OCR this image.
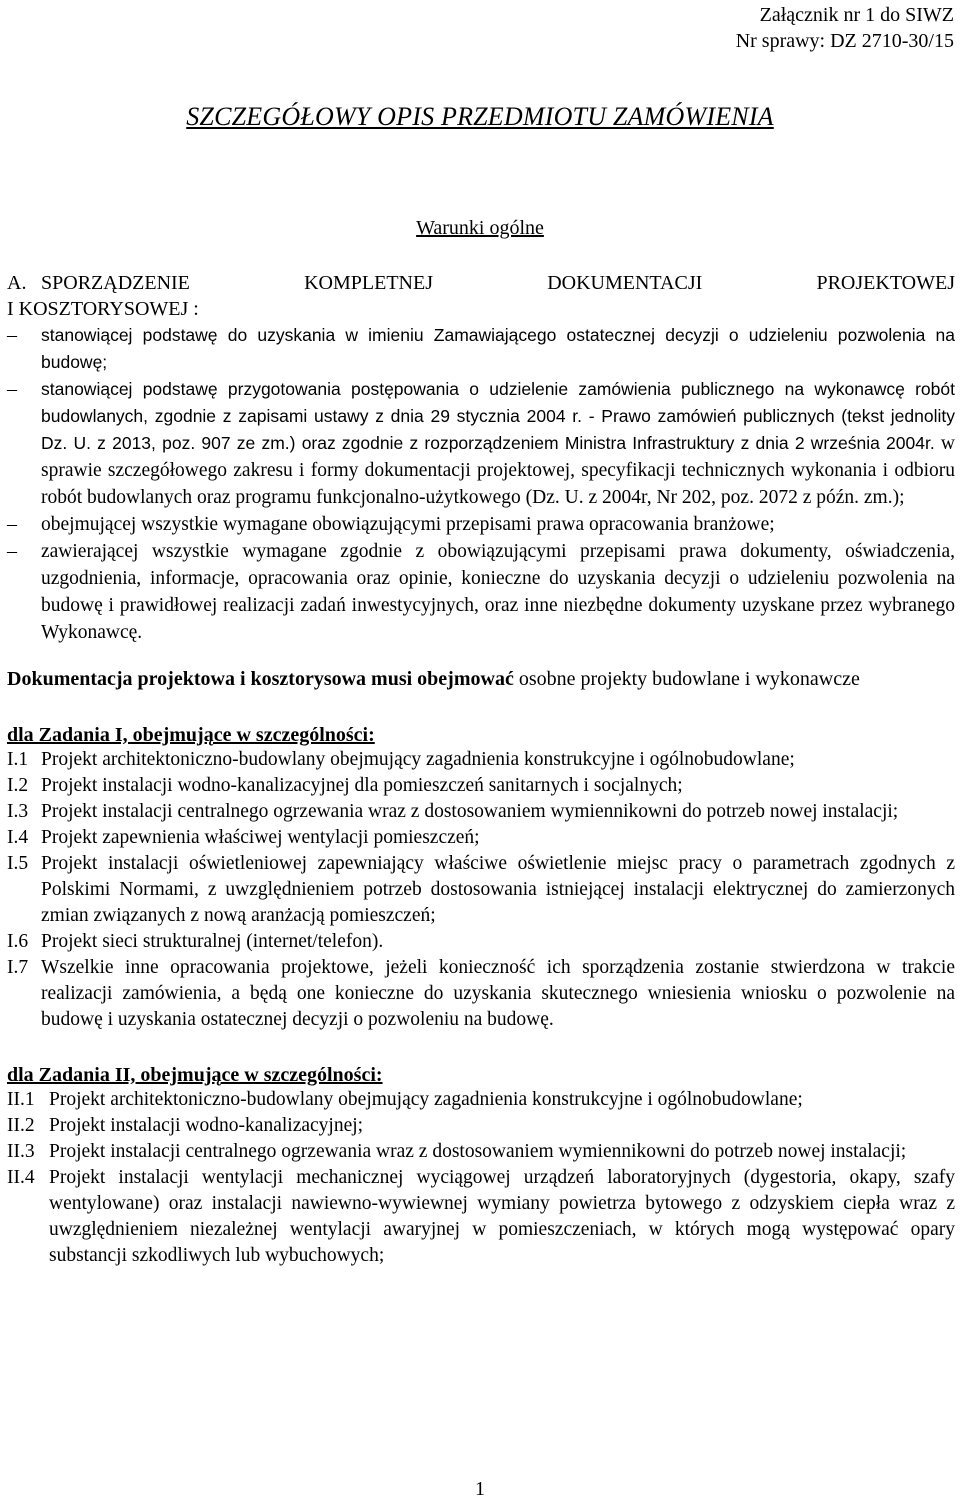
Załącznik nr 1 do SIWZ
Nr sprawy: DZ 2710-30/15
SZCZEGÓŁOWY OPIS PRZEDMIOTU ZAMÓWIENIA
Warunki ogólne
A. SPORZĄDZENIE KOMPLETNEJ DOKUMENTACJI PROJEKTOWEJ
I KOSZTORYSOWEJ :
–	stanowiącej podstawę do uzyskania w imieniu Zamawiającego ostatecznej decyzji o udzieleniu pozwolenia na budowę;
–	stanowiącej podstawę przygotowania postępowania o udzielenie zamówienia publicznego na wykonawcę robót budowlanych, zgodnie z zapisami ustawy z dnia 29 stycznia 2004 r. - Prawo zamówień publicznych (tekst jednolity Dz. U. z 2013, poz. 907 ze zm.) oraz zgodnie z rozporządzeniem Ministra Infrastruktury z dnia 2 września 2004r. w sprawie szczegółowego zakresu i formy dokumentacji projektowej, specyfikacji technicznych wykonania i odbioru robót budowlanych oraz programu funkcjonalno-użytkowego (Dz. U. z 2004r, Nr 202, poz. 2072 z późn. zm.);
–	obejmującej wszystkie wymagane obowiązującymi przepisami prawa opracowania branżowe;
–	zawierającej wszystkie wymagane zgodnie z obowiązującymi przepisami prawa dokumenty, oświadczenia, uzgodnienia, informacje, opracowania oraz opinie, konieczne do uzyskania decyzji o udzieleniu pozwolenia na budowę i prawidłowej realizacji zadań inwestycyjnych, oraz inne niezbędne dokumenty uzyskane przez wybranego Wykonawcę.
Dokumentacja projektowa i kosztorysowa musi obejmować osobne projekty budowlane i wykonawcze
dla Zadania I, obejmujące w szczególności:
I.1 Projekt architektoniczno-budowlany obejmujący zagadnienia konstrukcyjne i ogólnobudowlane;
I.2 Projekt instalacji wodno-kanalizacyjnej dla pomieszczeń sanitarnych i socjalnych;
I.3 Projekt instalacji centralnego ogrzewania wraz z dostosowaniem wymiennikowni do potrzeb nowej instalacji;
I.4 Projekt zapewnienia właściwej wentylacji pomieszczeń;
I.5 Projekt instalacji oświetleniowej zapewniający właściwe oświetlenie miejsc pracy o parametrach zgodnych z Polskimi Normami, z uwzględnieniem potrzeb dostosowania istniejącej instalacji elektrycznej do zamierzonych zmian związanych z nową aranżacją pomieszczeń;
I.6 Projekt sieci strukturalnej (internet/telefon).
I.7 Wszelkie inne opracowania projektowe, jeżeli konieczność ich sporządzenia zostanie stwierdzona w trakcie realizacji zamówienia, a będą one konieczne do uzyskania skutecznego wniesienia wniosku o pozwolenie na budowę i uzyskania ostatecznej decyzji o pozwoleniu na budowę.
dla Zadania II, obejmujące w szczególności:
II.1 Projekt architektoniczno-budowlany obejmujący zagadnienia konstrukcyjne i ogólnobudowlane;
II.2 Projekt instalacji wodno-kanalizacyjnej;
II.3 Projekt instalacji centralnego ogrzewania wraz z dostosowaniem wymiennikowni do potrzeb nowej instalacji;
II.4 Projekt instalacji wentylacji mechanicznej wyciągowej urządzeń laboratoryjnych (dygestoria, okapy, szafy wentylowane) oraz instalacji nawiewno-wywiewnej wymiany powietrza bytowego z odzyskiem ciepła wraz z uwzględnieniem niezależnej wentylacji awaryjnej w pomieszczeniach, w których mogą występować opary substancji szkodliwych lub wybuchowych;
1
